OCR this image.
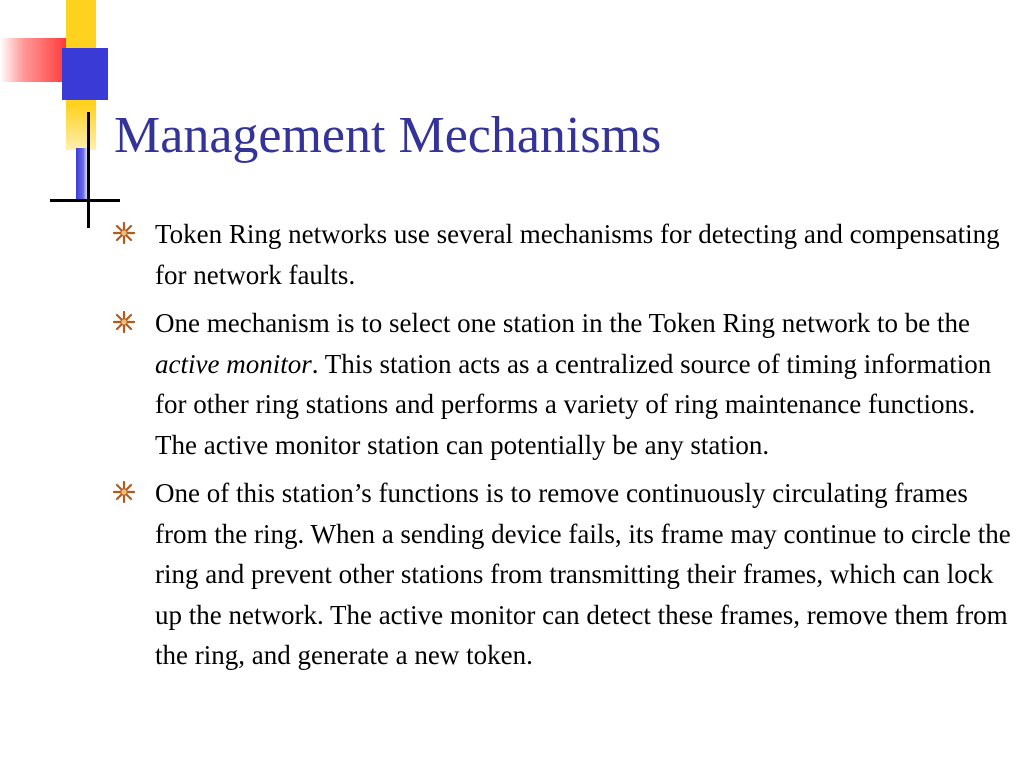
Management Mechanisms
Token Ring networks use several mechanisms for detecting and compensating for network faults.
One mechanism is to select one station in the Token Ring network to be the active monitor. This station acts as a centralized source of timing information for other ring stations and performs a variety of ring maintenance functions. The active monitor station can potentially be any station.
One of this station’s functions is to remove continuously circulating frames from the ring. When a sending device fails, its frame may continue to circle the ring and prevent other stations from transmitting their frames, which can lock up the network. The active monitor can detect these frames, remove them from the ring, and generate a new token.
